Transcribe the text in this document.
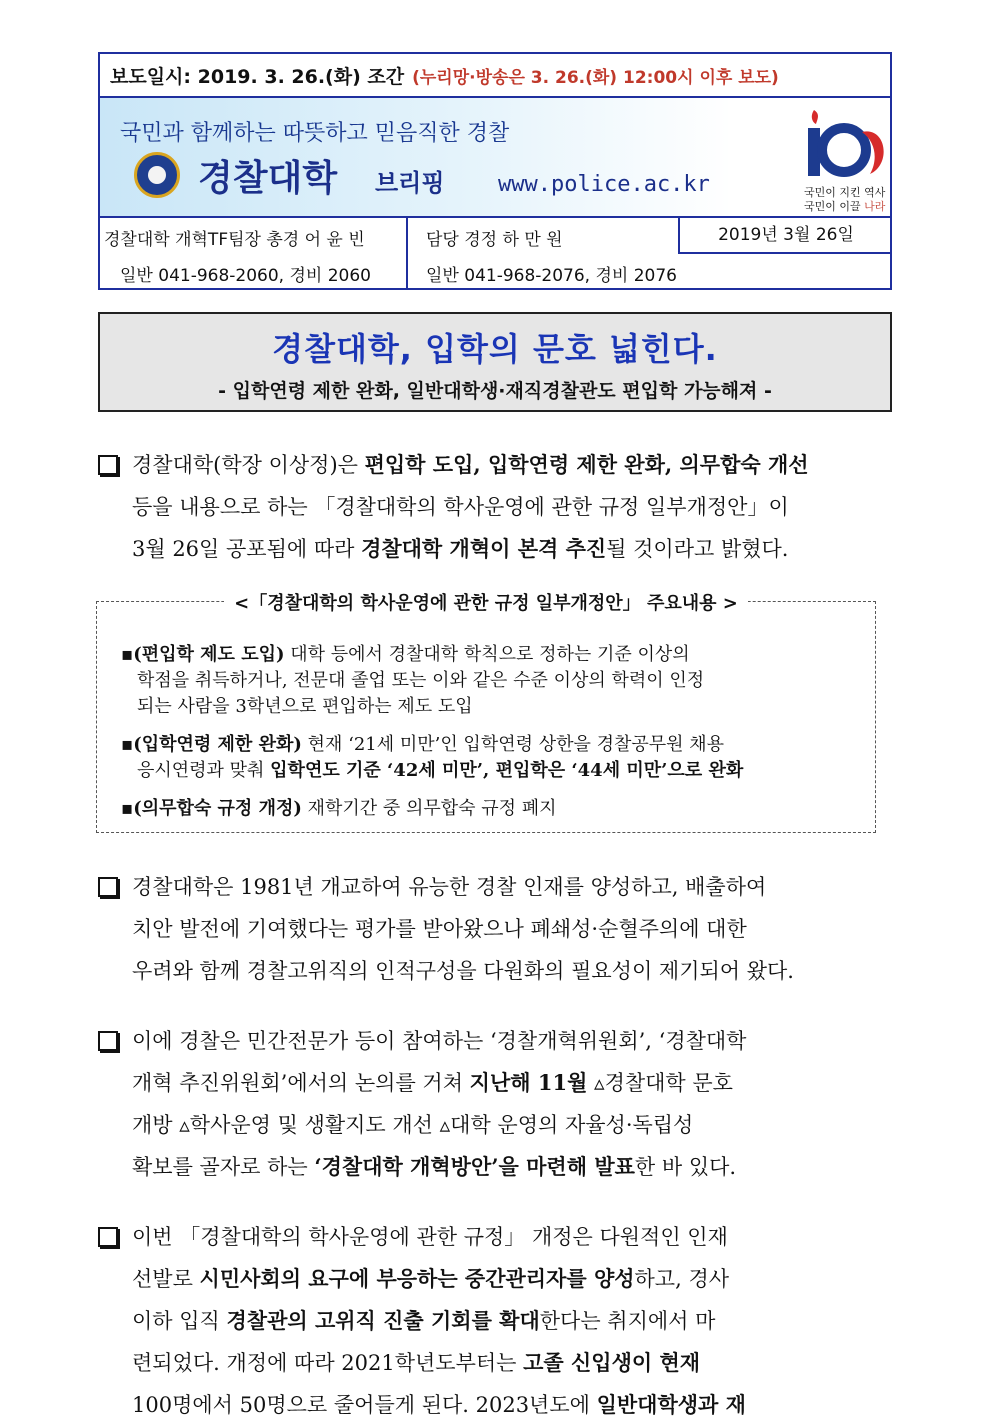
보도일시: 2019. 3. 26.(화) 조간 (누리망·방송은 3. 26.(화) 12:00시 이후 보도)
국민과 함께하는 따뜻하고 믿음직한 경찰
경찰대학 브리핑 www.police.ac.kr	국민이 지킨 역사
국민이 이끌 나라
경찰대학 개혁TF팀장 총경 어 윤 빈
일반 041-968-2060, 경비 2060
담당 경정 하 만 원
일반 041-968-2076, 경비 2076
2019년 3월 26일
경찰대학, 입학의 문호 넓힌다.
- 입학연령 제한 완화, 일반대학생·재직경찰관도 편입학 가능해져 -
경찰대학(학장 이상정)은 편입학 도입, 입학연령 제한 완화, 의무합숙 개선
등을 내용으로 하는 「경찰대학의 학사운영에 관한 규정 일부개정안」이
3월 26일 공포됨에 따라 경찰대학 개혁이 본격 추진될 것이라고 밝혔다.
<「경찰대학의 학사운영에 관한 규정 일부개정안」 주요내용 >
▪(편입학 제도 도입) 대학 등에서 경찰대학 학칙으로 정하는 기준 이상의
학점을 취득하거나, 전문대 졸업 또는 이와 같은 수준 이상의 학력이 인정
되는 사람을 3학년으로 편입하는 제도 도입
▪(입학연령 제한 완화) 현재 ‘21세 미만’인 입학연령 상한을 경찰공무원 채용
응시연령과 맞춰 입학연도 기준 ‘42세 미만’, 편입학은 ‘44세 미만’으로 완화
▪(의무합숙 규정 개정) 재학기간 중 의무합숙 규정 폐지
경찰대학은 1981년 개교하여 유능한 경찰 인재를 양성하고, 배출하여
치안 발전에 기여했다는 평가를 받아왔으나 폐쇄성·순혈주의에 대한
우려와 함께 경찰고위직의 인적구성을 다원화의 필요성이 제기되어 왔다.
이에 경찰은 민간전문가 등이 참여하는 ‘경찰개혁위원회’, ‘경찰대학
개혁 추진위원회’에서의 논의를 거쳐 지난해 11월 ▵경찰대학 문호
개방 ▵학사운영 및 생활지도 개선 ▵대학 운영의 자율성·독립성
확보를 골자로 하는 ‘경찰대학 개혁방안’을 마련해 발표한 바 있다.
이번 「경찰대학의 학사운영에 관한 규정」 개정은 다원적인 인재
선발로 시민사회의 요구에 부응하는 중간관리자를 양성하고, 경사
이하 입직 경찰관의 고위직 진출 기회를 확대한다는 취지에서 마
련되었다. 개정에 따라 2021학년도부터는 고졸 신입생이 현재
100명에서 50명으로 줄어들게 된다. 2023년도에 일반대학생과 재
